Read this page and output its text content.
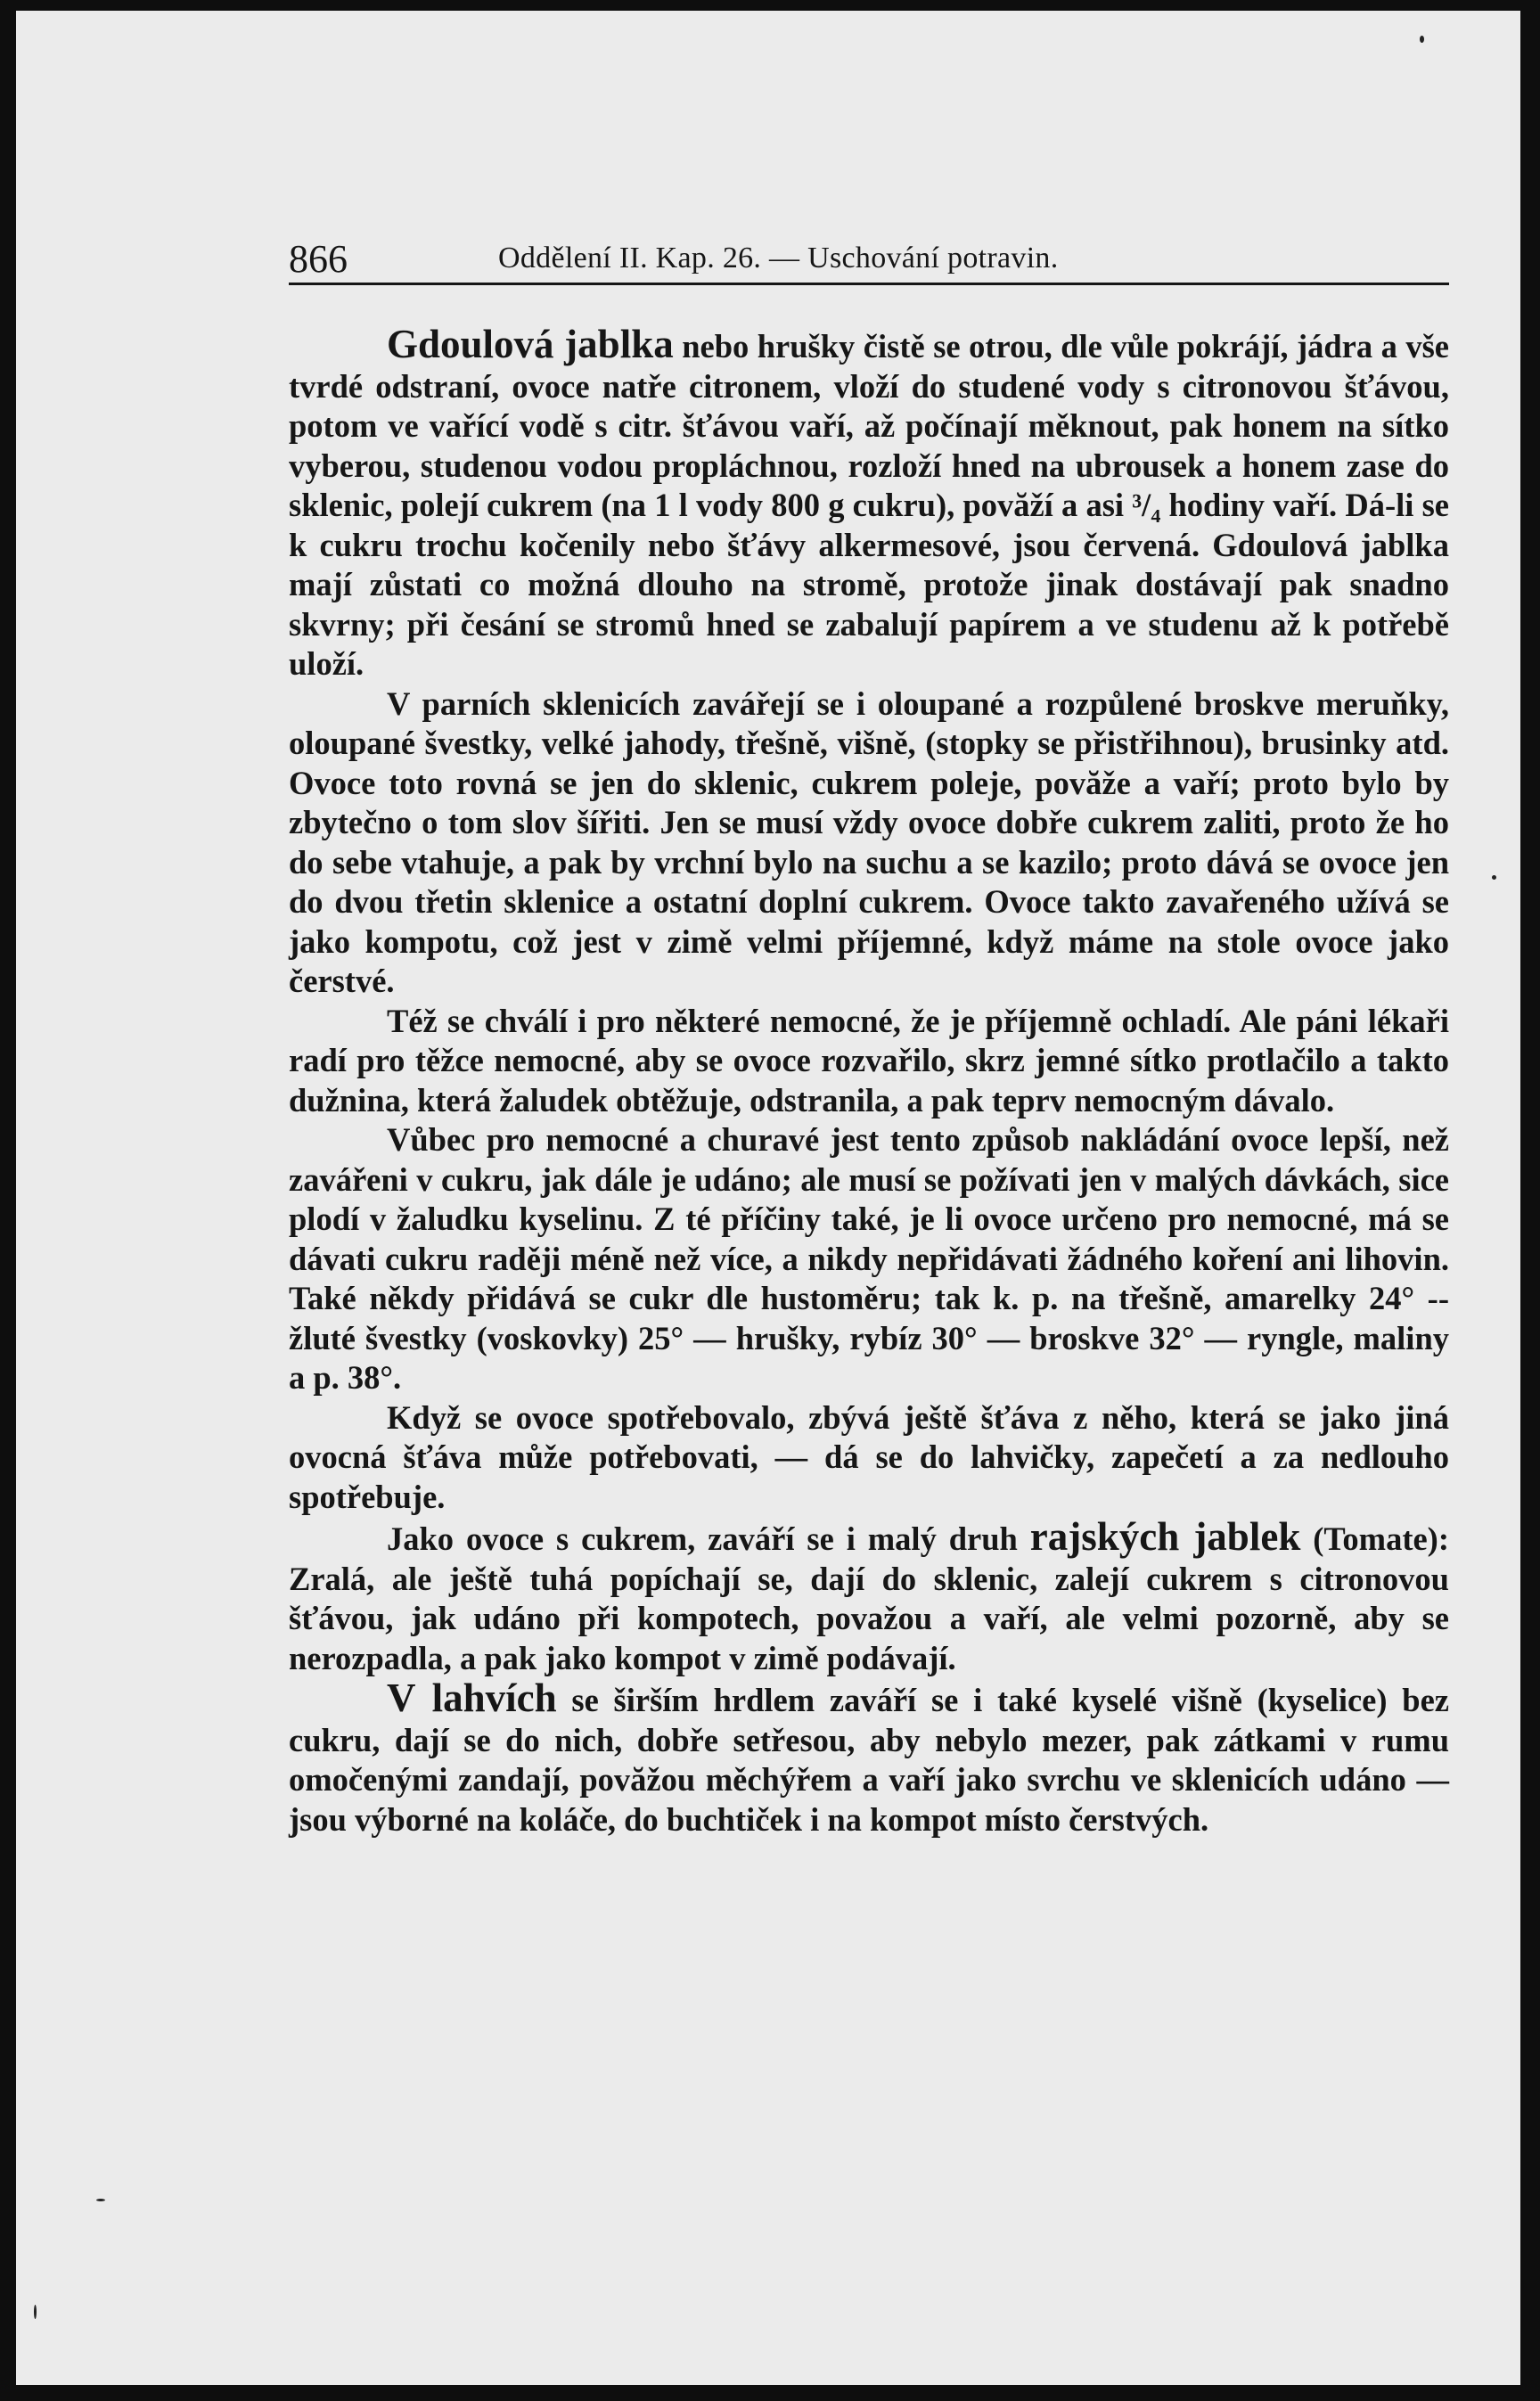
866	Oddělení II. Kap. 26. — Uschování potravin.

Gdoulová jablka nebo hrušky čistě se otrou, dle vůle pokrájí, jádra a vše tvrdé odstraní, ovoce natře citronem, vloží do studené vody s citronovou šťávou, potom ve vařící vodě s citr. šťávou vaří, až počínají měknout, pak honem na sítko vyberou, studenou vodou propláchnou, rozloží hned na ubrousek a honem zase do sklenic, polejí cukrem (na 1 l vody 800 g cukru), povăží a asi ³/₄ hodiny vaří. Dá-li se k cukru trochu kočenily nebo šťávy alkermesové, jsou červená. Gdoulová jablka mají zůstati co možná dlouho na stromě, protože jinak dostávají pak snadno skvrny; při česání se stromů hned se zabalují papírem a ve studenu až k potřebě uloží.

V parních sklenicích zavářejí se i oloupané a rozpůlené broskve meruňky, oloupané švestky, velké jahody, třešně, višně, (stopky se přistřihnou), brusinky atd. Ovoce toto rovná se jen do sklenic, cukrem poleje, povăže a vaří; proto bylo by zbytečno o tom slov šířiti. Jen se musí vždy ovoce dobře cukrem zaliti, proto že ho do sebe vtahuje, a pak by vrchní bylo na suchu a se kazilo; proto dává se ovoce jen do dvou třetin sklenice a ostatní doplní cukrem. Ovoce takto zavařeného užívá se jako kompotu, což jest v zimě velmi příjemné, když máme na stole ovoce jako čerstvé.

Též se chválí i pro některé nemocné, že je příjemně ochladí. Ale páni lékaři radí pro těžce nemocné, aby se ovoce rozvařilo, skrz jemné sítko protlačilo a takto dužnina, která žaludek obtěžuje, odstranila, a pak teprv nemocným dávalo.

Vůbec pro nemocné a churavé jest tento způsob nakládání ovoce lepší, než zavářeni v cukru, jak dále je udáno; ale musí se požívati jen v malých dávkách, sice plodí v žaludku kyselinu. Z té příčiny také, je li ovoce určeno pro nemocné, má se dávati cukru raději méně než více, a nikdy nepřidávati žádného koření ani lihovin. Také někdy přidává se cukr dle hustoměru; tak k. p. na třešně, amarelky 24° -- žluté švestky (voskovky) 25° — hrušky, rybíz 30° — broskve 32° — ryngle, maliny a p. 38°.

Když se ovoce spotřebovalo, zbývá ještě šťáva z něho, která se jako jiná ovocná šťáva může potřebovati, — dá se do lahvičky, zapečetí a za nedlouho spotřebuje.

Jako ovoce s cukrem, zaváří se i malý druh rajských jablek (Tomate): Zralá, ale ještě tuhá popíchají se, dají do sklenic, zalejí cukrem s citronovou šťávou, jak udáno při kompotech, považou a vaří, ale velmi pozorně, aby se nerozpadla, a pak jako kompot v zimě podávají.

V lahvích se širším hrdlem zaváří se i také kyselé višně (kyselice) bez cukru, dají se do nich, dobře setřesou, aby nebylo mezer, pak zátkami v rumu omočenými zandají, povăžou měchýřem a vaří jako svrchu ve sklenicích udáno — jsou výborné na koláče, do buchtiček i na kompot místo čerstvých.
